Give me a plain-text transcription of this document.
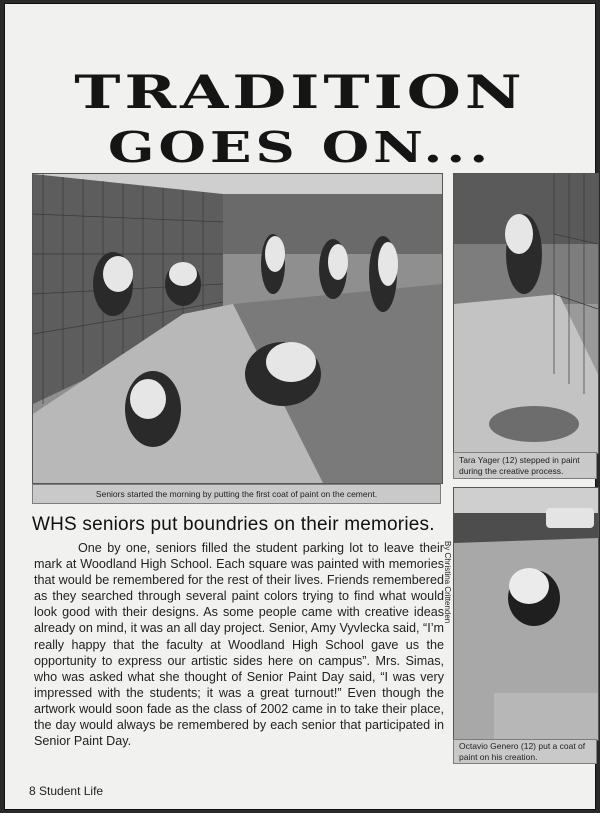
TRADITION
GOES ON...
Seniors started the morning by putting the first coat of paint on the cement.
Tara Yager (12) stepped in paint during the creative process.
Octavio Genero (12) put a coat of paint on his creation.
WHS seniors put boundries on their memories.
By Christina Crittenden
One by one, seniors filled the student parking lot to leave their mark at Woodland High School. Each square was painted with memories that would be remembered for the rest of their lives. Friends remembered as they searched through several paint colors trying to find what would look good with their designs. As some people came with creative ideas already on mind, it was an all day project. Senior, Amy Vyvlecka said, “I’m really happy that the faculty at Woodland High School gave us the opportunity to express our artistic sides here on campus”. Mrs. Simas, who was asked what she thought of Senior Paint Day said, “I was very impressed with the students; it was a great turnout!” Even though the artwork would soon fade as the class of 2002 came in to take their place, the day would always be remembered by each senior that participated in Senior Paint Day.
8 Student Life
